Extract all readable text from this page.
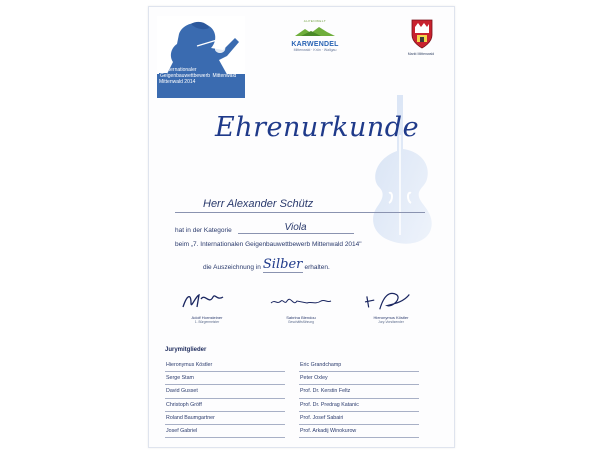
7. Internationaler
Geigenbauwettbewerb Mittenwald
Mittenwald 2014
ALPENWELT
KARWENDEL
Mittenwald · Krün · Wallgau
Markt Mittenwald
Ehrenurkunde
Herr Alexander Schütz
hat in der Kategorie	Viola
beim „7. Internationalen Geigenbauwettbewerb Mittenwald 2014"
die Auszeichnung in Silber erhalten.
Adolf Hornsteiner
1. Bürgermeister
Sabrina Blendou
Geschäftsführung
Hieronymus Köstler
Jury-Vorsitzender
Jurymitglieder
Hieronymus Köstler
Serge Stam
David Gusset
Christoph Gröff
Roland Baumgartner
Josef Gabriel
Eric Grandchamp
Peter Oxley
Prof. Dr. Kerstin Feltz
Prof. Dr. Predrag Katanic
Prof. Josef Sabairi
Prof. Arkadij Winokurow
